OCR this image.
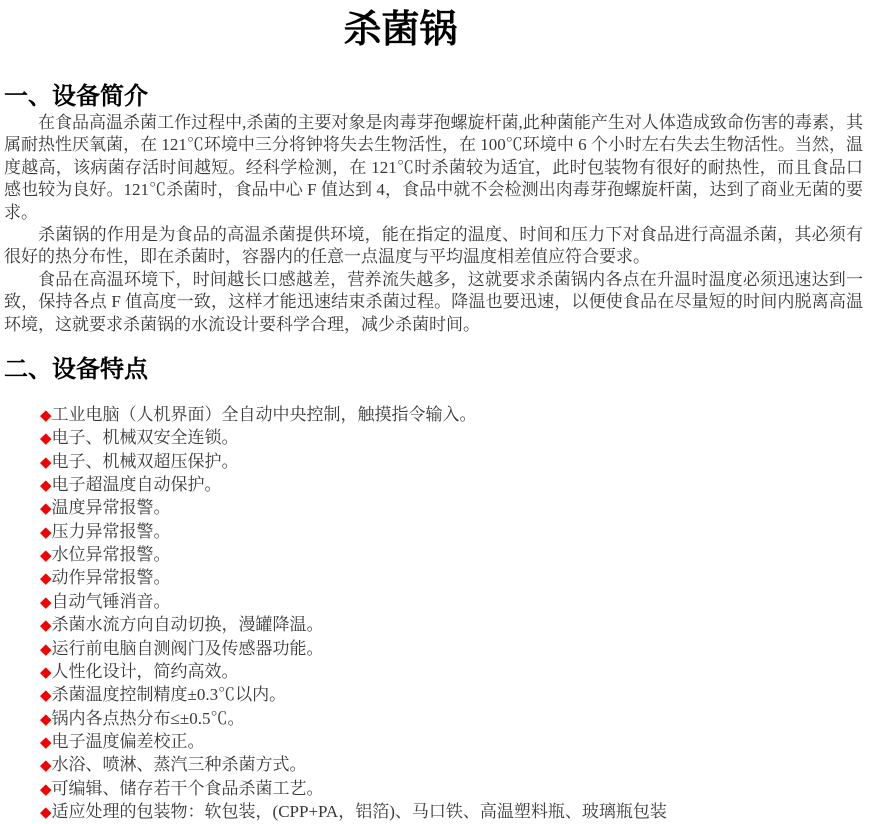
杀菌锅
一、设备简介

在食品高温杀菌工作过程中,杀菌的主要对象是肉毒芽孢螺旋杆菌,此种菌能产生对人体造成致命伤害的毒素，其属耐热性厌氧菌，在 121℃环境中三分将钟将失去生物活性，在 100℃环境中 6 个小时左右失去生物活性。当然，温度越高，该病菌存活时间越短。经科学检测，在 121℃时杀菌较为适宜，此时包装物有很好的耐热性，而且食品口感也较为良好。121℃杀菌时，食品中心 F 值达到 4，食品中就不会检测出肉毒芽孢螺旋杆菌，达到了商业无菌的要求。

杀菌锅的作用是为食品的高温杀菌提供环境，能在指定的温度、时间和压力下对食品进行高温杀菌，其必须有很好的热分布性，即在杀菌时，容器内的任意一点温度与平均温度相差值应符合要求。

食品在高温环境下，时间越长口感越差，营养流失越多，这就要求杀菌锅内各点在升温时温度必须迅速达到一致，保持各点 F 值高度一致，这样才能迅速结束杀菌过程。降温也要迅速，以便使食品在尽量短的时间内脱离高温环境，这就要求杀菌锅的水流设计要科学合理，减少杀菌时间。

二、设备特点
◆工业电脑（人机界面）全自动中央控制，触摸指令输入。
◆电子、机械双安全连锁。
◆电子、机械双超压保护。
◆电子超温度自动保护。
◆温度异常报警。
◆压力异常报警。
◆水位异常报警。
◆动作异常报警。
◆自动气锤消音。
◆杀菌水流方向自动切换，漫罐降温。
◆运行前电脑自测阀门及传感器功能。
◆人性化设计，简约高效。
◆杀菌温度控制精度±0.3℃以内。
◆锅内各点热分布≤±0.5℃。
◆电子温度偏差校正。
◆水浴、喷淋、蒸汽三种杀菌方式。
◆可编辑、储存若干个食品杀菌工艺。
◆适应处理的包装物：软包装，(CPP+PA，铝箔)、马口铁、高温塑料瓶、玻璃瓶包装
